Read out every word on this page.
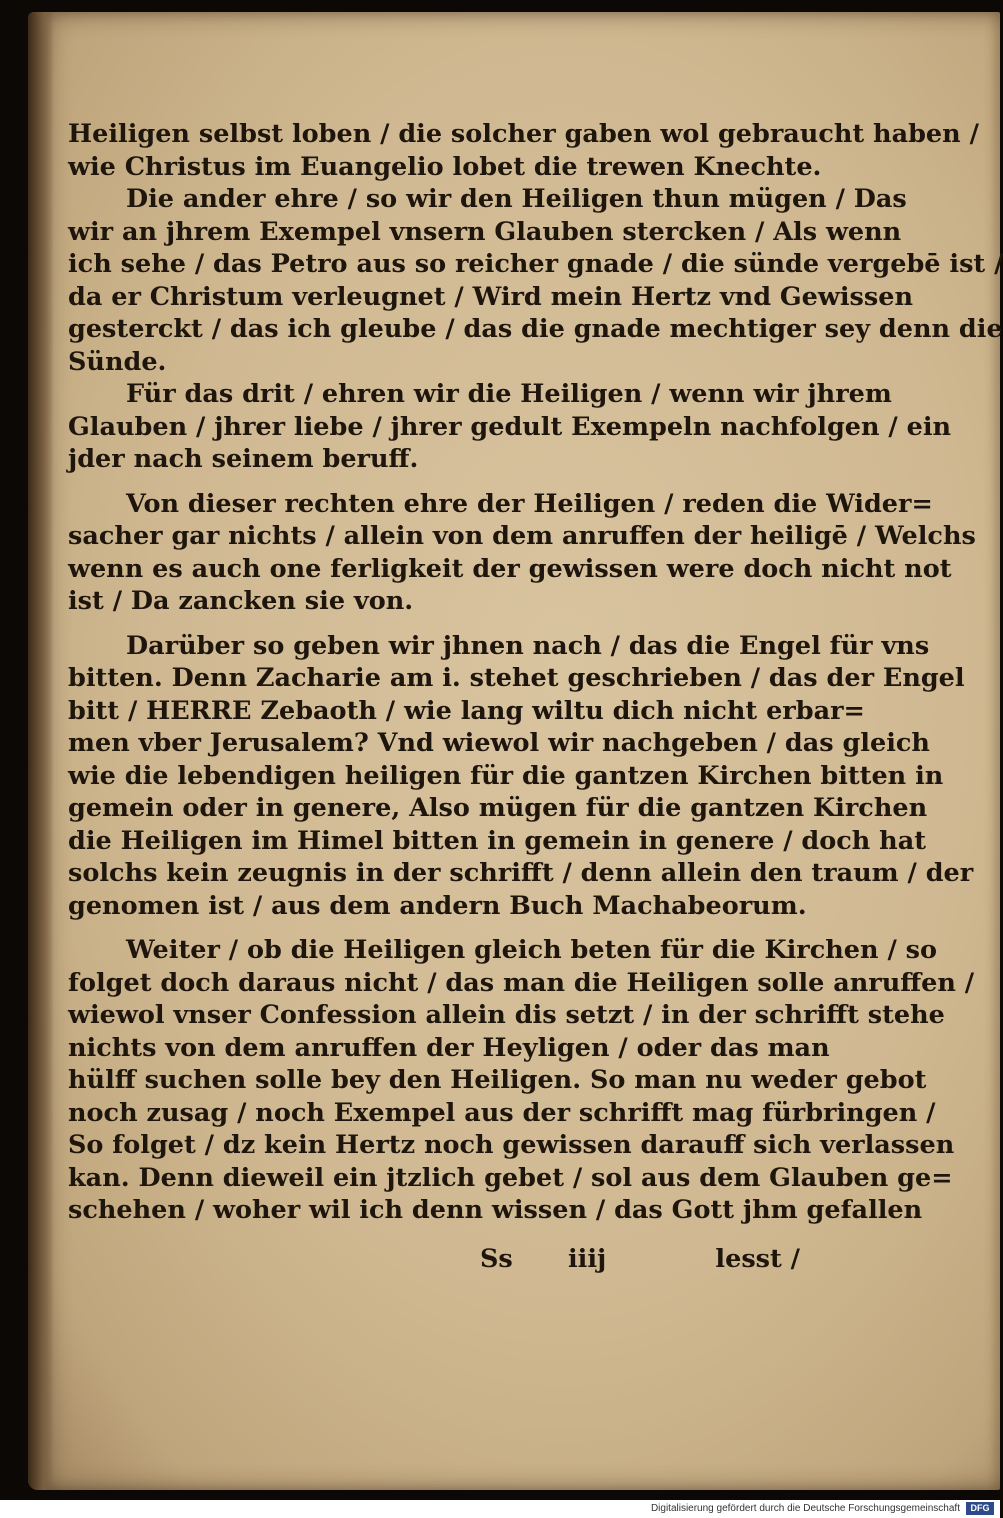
Heiligen selbst loben / die solcher gaben wol gebraucht haben /
wie Christus im Euangelio lobet die trewen Knechte.
Die ander ehre / so wir den Heiligen thun mügen / Das
wir an jhrem Exempel vnsern Glauben stercken / Als wenn
ich sehe / das Petro aus so reicher gnade / die sünde vergebē ist /
da er Christum verleugnet / Wird mein Hertz vnd Gewissen
gesterckt / das ich gleube / das die gnade mechtiger sey denn die
Sünde.
Für das drit / ehren wir die Heiligen / wenn wir jhrem
Glauben / jhrer liebe / jhrer gedult Exempeln nachfolgen / ein
jder nach seinem beruff.
Von dieser rechten ehre der Heiligen / reden die Wider=
sacher gar nichts / allein von dem anruffen der heiligē / Welchs
wenn es auch one ferligkeit der gewissen were doch nicht not
ist / Da zancken sie von.
Darüber so geben wir jhnen nach / das die Engel für vns
bitten. Denn Zacharie am i. stehet geschrieben / das der Engel
bitt / HERRE Zebaoth / wie lang wiltu dich nicht erbar=
men vber Jerusalem? Vnd wiewol wir nachgeben / das gleich
wie die lebendigen heiligen für die gantzen Kirchen bitten in
gemein oder in genere, Also mügen für die gantzen Kirchen
die Heiligen im Himel bitten in gemein in genere / doch hat
solchs kein zeugnis in der schrifft / denn allein den traum / der
genomen ist / aus dem andern Buch Machabeorum.
Weiter / ob die Heiligen gleich beten für die Kirchen / so
folget doch daraus nicht / das man die Heiligen solle anruffen /
wiewol vnser Confession allein dis setzt / in der schrifft stehe
nichts von dem anruffen der Heyligen / oder das man
hülff suchen solle bey den Heiligen. So man nu weder gebot
noch zusag / noch Exempel aus der schrifft mag fürbringen /
So folget / dz kein Hertz noch gewissen darauff sich verlassen
kan. Denn dieweil ein jtzlich gebet / sol aus dem Glauben ge=
schehen / woher wil ich denn wissen / das Gott jhm gefallen
Ss iiij	lesst /
Digitalisierung gefördert durch die Deutsche Forschungsgemeinschaft	DFG
